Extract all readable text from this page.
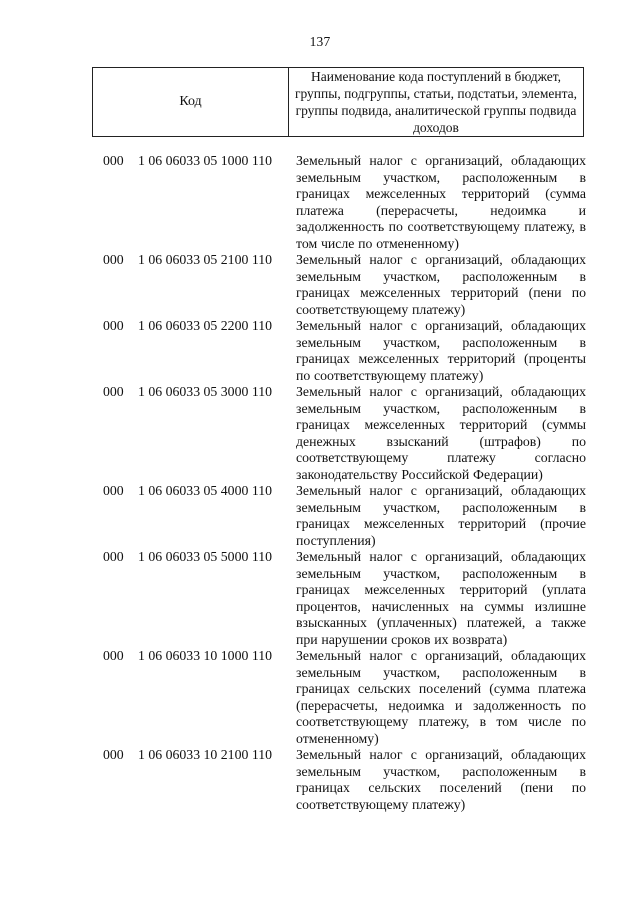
137
Код
Наименование кода поступлений в бюджет, группы, подгруппы, статьи, подстатьи, элемента, группы подвида, аналитической группы подвида доходов
000 1 06 06033 05 1000 110 Земельный налог с организаций, обладающих земельным участком, расположенным в границах межселенных территорий (сумма платежа (перерасчеты, недоимка и задолженность по соответствующему платежу, в том числе по отмененному)
000 1 06 06033 05 2100 110 Земельный налог с организаций, обладающих земельным участком, расположенным в границах межселенных территорий (пени по соответствующему платежу)
000 1 06 06033 05 2200 110 Земельный налог с организаций, обладающих земельным участком, расположенным в границах межселенных территорий (проценты по соответствующему платежу)
000 1 06 06033 05 3000 110 Земельный налог с организаций, обладающих земельным участком, расположенным в границах межселенных территорий (суммы денежных взысканий (штрафов) по соответствующему платежу согласно законодательству Российской Федерации)
000 1 06 06033 05 4000 110 Земельный налог с организаций, обладающих земельным участком, расположенным в границах межселенных территорий (прочие поступления)
000 1 06 06033 05 5000 110 Земельный налог с организаций, обладающих земельным участком, расположенным в границах межселенных территорий (уплата процентов, начисленных на суммы излишне взысканных (уплаченных) платежей, а также при нарушении сроков их возврата)
000 1 06 06033 10 1000 110 Земельный налог с организаций, обладающих земельным участком, расположенным в границах сельских поселений (сумма платежа (перерасчеты, недоимка и задолженность по соответствующему платежу, в том числе по отмененному)
000 1 06 06033 10 2100 110 Земельный налог с организаций, обладающих земельным участком, расположенным в границах сельских поселений (пени по соответствующему платежу)
